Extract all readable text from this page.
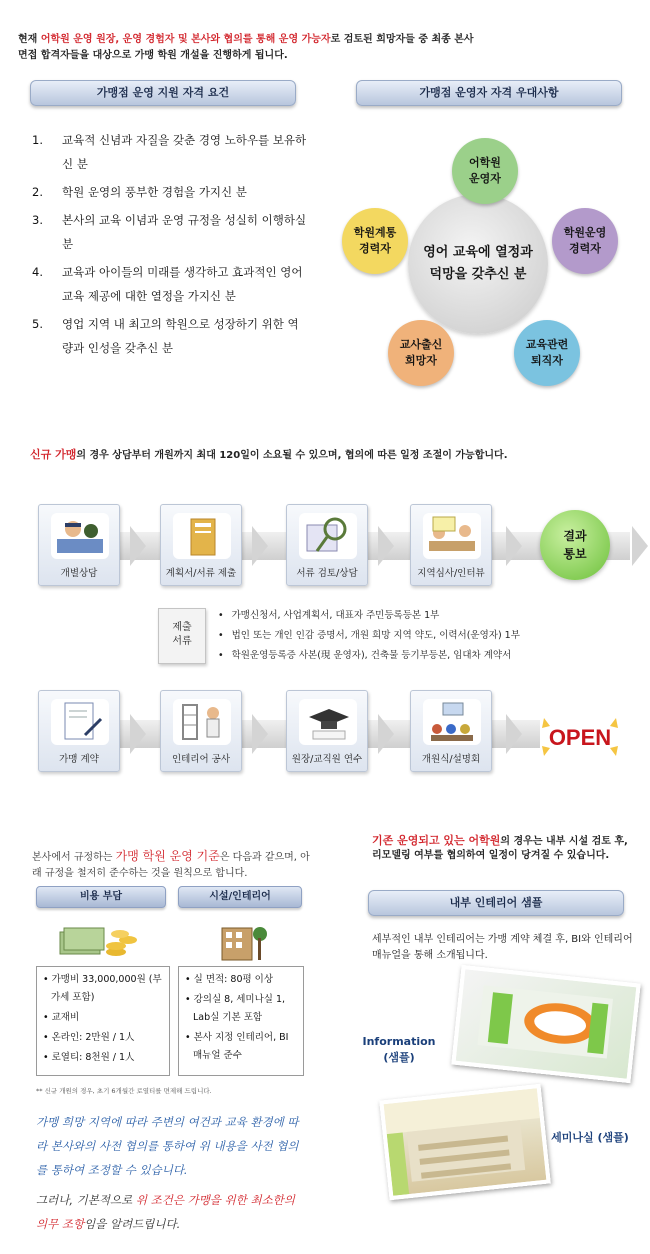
현재 어학원 운영 원장, 운영 경험자 및 본사와 협의를 통해 운영 가능자로 검토된 희망자들 중 최종 본사
면접 합격자들을 대상으로 가맹 학원 개설을 진행하게 됩니다.
가맹점 운영 지원 자격 요건	가맹점 운영자 자격 우대사항
1.	교육적 신념과 자질을 갖춘 경영 노하우를 보유하신 분
2.	학원 운영의 풍부한 경험을 가지신 분
3.	본사의 교육 이념과 운영 규정을 성실히 이행하실 분
4.	교육과 아이들의 미래를 생각하고 효과적인 영어 교육 제공에 대한 열정을 가지신 분
5.	영업 지역 내 최고의 학원으로 성장하기 위한 역량과 인성을 갖추신 분
영어 교육에 열정과 덕망을 갖추신 분
어학원 운영자
학원운영 경력자
교육관련 퇴직자
교사출신 희망자
학원계통 경력자
신규 가맹의 경우 상담부터 개원까지 최대 120일이 소요될 수 있으며, 협의에 따른 일정 조절이 가능합니다.
개별상담	계획서/서류 제출	서류 검토/상담	지역심사/인터뷰
결과 통보
제출 서류
• 가맹신청서, 사업계획서, 대표자 주민등록등본 1부
• 법인 또는 개인 인감 증명서, 개원 희망 지역 약도, 이력서(운영자) 1부
• 학원운영등록증 사본(現 운영자), 건축물 등기부등본, 임대차 계약서
가맹 계약	인테리어 공사	원장/교직원 연수	개원식/설명회
OPEN
본사에서 규정하는 가맹 학원 운영 기준은 다음과 같으며, 아래 규정을 철저히 준수하는 것을 원칙으로 합니다.
비용 부담	시설/인테리어
• 가맹비 33,000,000원 (부가세 포함)
• 교재비
• 온라인: 2만원 / 1人
• 로열티: 8천원 / 1人
• 실 면적: 80평 이상
• 강의실 8, 세미나실 1, Lab실 기본 포함
• 본사 지정 인테리어, BI 매뉴얼 준수
** 신규 개원의 경우, 초기 6개월간 로열티를 면제해 드립니다.
가맹 희망 지역에 따라 주변의 여건과 교육 환경에 따라 본사와의 사전 협의를 통하여 위 내용을 사전 협의를 통하여 조정할 수 있습니다.
그러나, 기본적으로 위 조건은 가맹을 위한 최소한의 의무 조항임을 알려드립니다.
기존 운영되고 있는 어학원의 경우는 내부 시설 검토 후, 리모델링 여부를 협의하여 일정이 당겨질 수 있습니다.
내부 인테리어 샘플
세부적인 내부 인테리어는 가맹 계약 체결 후, BI와 인테리어 매뉴얼을 통해 소개됩니다.
Information (샘플)
세미나실 (샘플)
